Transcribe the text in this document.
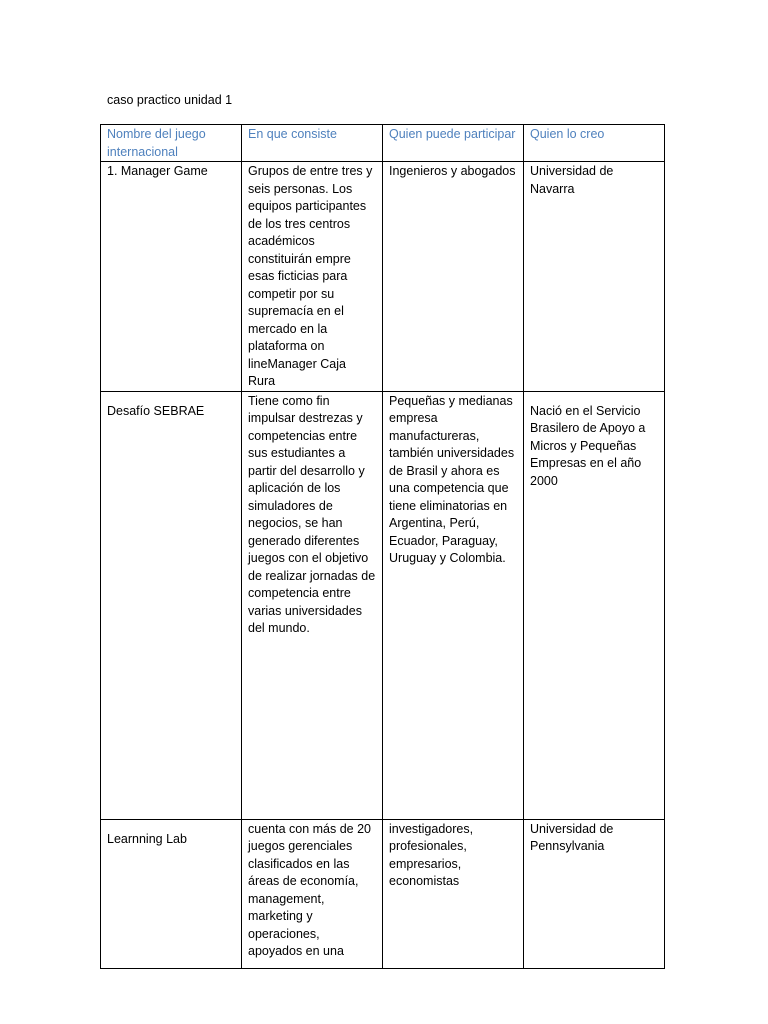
caso practico unidad 1
Nombre del juego internacional	En que consiste	Quien puede participar	Quien lo creo
1. Manager Game	Grupos de entre tres y seis personas. Los equipos participantes de los tres centros académicos constituirán empre esas ficticias para competir por su supremacía en el mercado en la plataforma on lineManager Caja Rura	Ingenieros y abogados	Universidad de Navarra
Desafío SEBRAE	Tiene como fin impulsar destrezas y competencias entre sus estudiantes a partir del desarrollo y aplicación de los simuladores de negocios, se han generado diferentes juegos con el objetivo de realizar jornadas de competencia entre varias universidades del mundo.	Pequeñas y medianas empresa manufactureras, también universidades de Brasil y ahora es una competencia que tiene eliminatorias en Argentina, Perú, Ecuador, Paraguay, Uruguay y Colombia.	Nació en el Servicio Brasilero de Apoyo a Micros y Pequeñas Empresas en el año 2000
Learnning Lab	cuenta con más de 20 juegos gerenciales clasificados en las áreas de economía, management, marketing y operaciones, apoyados en una	investigadores, profesionales, empresarios, economistas	Universidad de Pennsylvania
